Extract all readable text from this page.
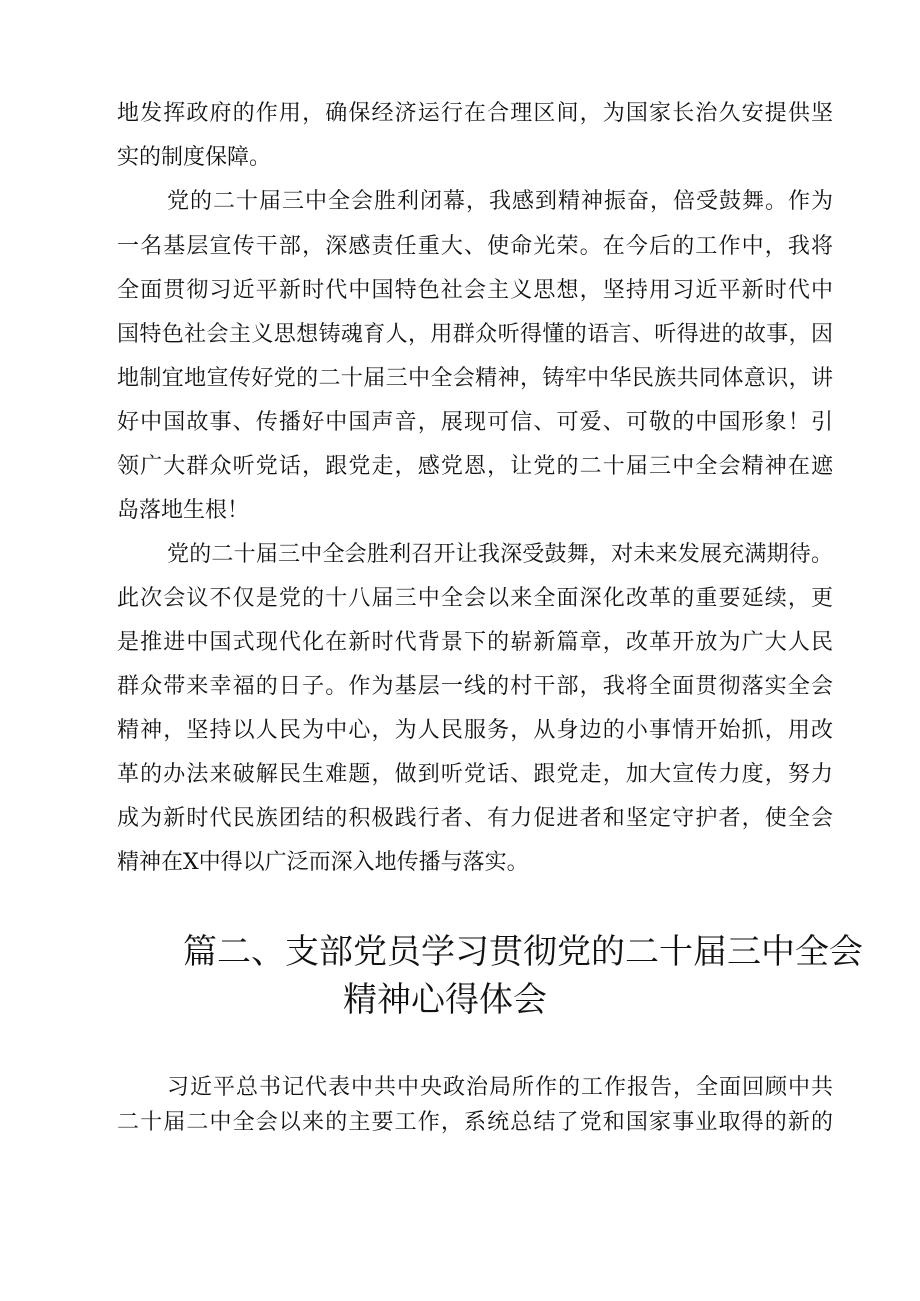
地发挥政府的作用，确保经济运行在合理区间，为国家长治久安提供坚
实的制度保障。
党的二十届三中全会胜利闭幕，我感到精神振奋，倍受鼓舞。作为
一名基层宣传干部，深感责任重大、使命光荣。在今后的工作中，我将
全面贯彻习近平新时代中国特色社会主义思想，坚持用习近平新时代中
国特色社会主义思想铸魂育人，用群众听得懂的语言、听得进的故事，因
地制宜地宣传好党的二十届三中全会精神，铸牢中华民族共同体意识，讲
好中国故事、传播好中国声音，展现可信、可爱、可敬的中国形象！引
领广大群众听党话，跟党走，感党恩，让党的二十届三中全会精神在遮
岛落地生根！
党的二十届三中全会胜利召开让我深受鼓舞，对未来发展充满期待。
此次会议不仅是党的十八届三中全会以来全面深化改革的重要延续，更
是推进中国式现代化在新时代背景下的崭新篇章，改革开放为广大人民
群众带来幸福的日子。作为基层一线的村干部，我将全面贯彻落实全会
精神，坚持以人民为中心，为人民服务，从身边的小事情开始抓，用改
革的办法来破解民生难题，做到听党话、跟党走，加大宣传力度，努力
成为新时代民族团结的积极践行者、有力促进者和坚定守护者，使全会
精神在X中得以广泛而深入地传播与落实。
篇二、支部党员学习贯彻党的二十届三中全会
精神心得体会
习近平总书记代表中共中央政治局所作的工作报告，全面回顾中共
二十届二中全会以来的主要工作，系统总结了党和国家事业取得的新的
